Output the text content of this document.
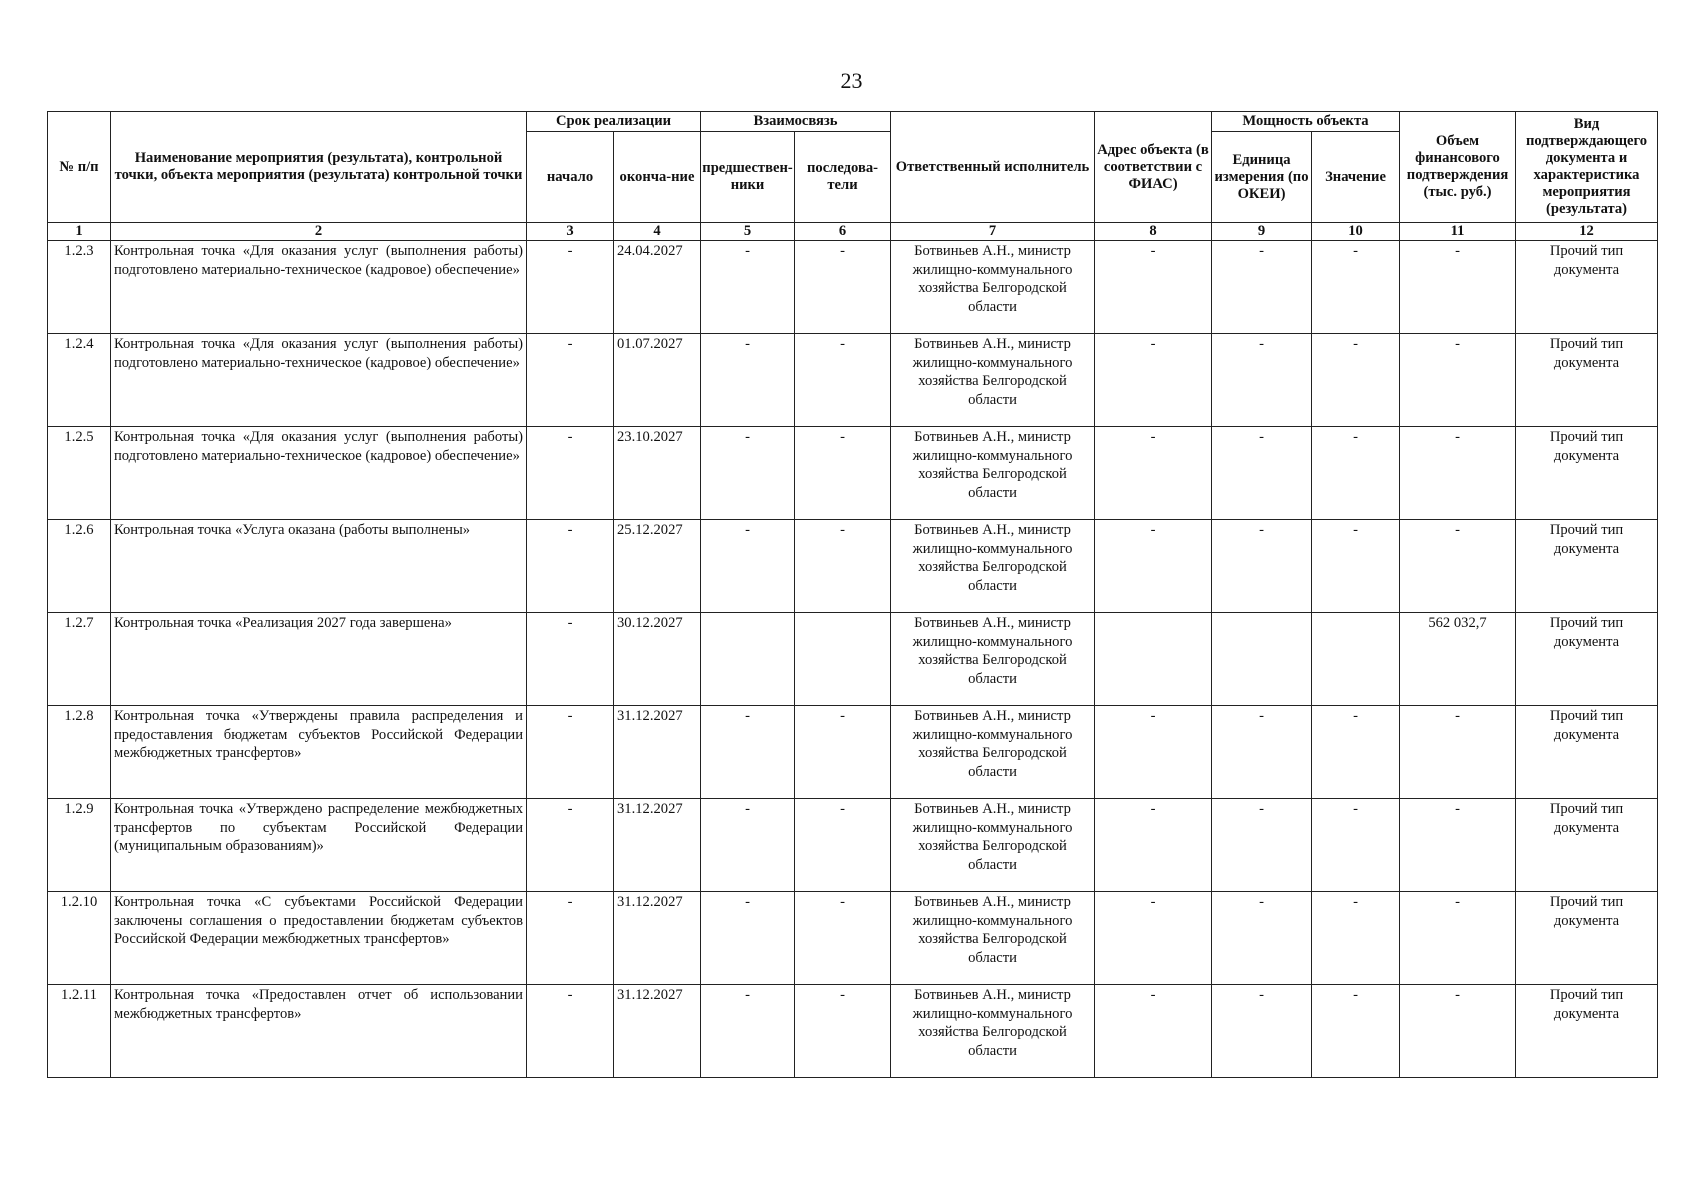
23
№ п/п	Наименование мероприятия (результата), контрольной точки, объекта мероприятия (результата) контрольной точки	Срок реализации		Взаимосвязь		Ответственный исполнитель	Адрес объекта (в соответствии с ФИАС)	Мощность объекта		Объем финансового подтверждения (тыс. руб.)	Вид подтверждающего документа и характеристика мероприятия (результата)
		начало	оконча-ние	предшествен-ники	последова-тели			Единица измерения (по ОКЕИ)	Значение		
1	2	3	4	5	6	7	8	9	10	11	12
1.2.3	Контрольная точка «Для оказания услуг (выполнения работы) подготовлено материально-техническое (кадровое) обеспечение»	-	24.04.2027	-	-	Ботвиньев А.Н., министр жилищно-коммунального хозяйства Белгородской области	-	-	-	-	Прочий тип документа
1.2.4	Контрольная точка «Для оказания услуг (выполнения работы) подготовлено материально-техническое (кадровое) обеспечение»	-	01.07.2027	-	-	Ботвиньев А.Н., министр жилищно-коммунального хозяйства Белгородской области	-	-	-	-	Прочий тип документа
1.2.5	Контрольная точка «Для оказания услуг (выполнения работы) подготовлено материально-техническое (кадровое) обеспечение»	-	23.10.2027	-	-	Ботвиньев А.Н., министр жилищно-коммунального хозяйства Белгородской области	-	-	-	-	Прочий тип документа
1.2.6	Контрольная точка «Услуга оказана (работы выполнены»	-	25.12.2027	-	-	Ботвиньев А.Н., министр жилищно-коммунального хозяйства Белгородской области	-	-	-	-	Прочий тип документа
1.2.7	Контрольная точка «Реализация 2027 года завершена»	-	30.12.2027			Ботвиньев А.Н., министр жилищно-коммунального хозяйства Белгородской области				562 032,7	Прочий тип документа
1.2.8	Контрольная точка «Утверждены правила распределения и предоставления бюджетам субъектов Российской Федерации межбюджетных трансфертов»	-	31.12.2027	-	-	Ботвиньев А.Н., министр жилищно-коммунального хозяйства Белгородской области	-	-	-	-	Прочий тип документа
1.2.9	Контрольная точка «Утверждено распределение межбюджетных трансфертов по субъектам Российской Федерации (муниципальным образованиям)»	-	31.12.2027	-	-	Ботвиньев А.Н., министр жилищно-коммунального хозяйства Белгородской области	-	-	-	-	Прочий тип документа
1.2.10	Контрольная точка «С субъектами Российской Федерации заключены соглашения о предоставлении бюджетам субъектов Российской Федерации межбюджетных трансфертов»	-	31.12.2027	-	-	Ботвиньев А.Н., министр жилищно-коммунального хозяйства Белгородской области	-	-	-	-	Прочий тип документа
1.2.11	Контрольная точка «Предоставлен отчет об использовании межбюджетных трансфертов»	-	31.12.2027	-	-	Ботвиньев А.Н., министр жилищно-коммунального хозяйства Белгородской области	-	-	-	-	Прочий тип документа
